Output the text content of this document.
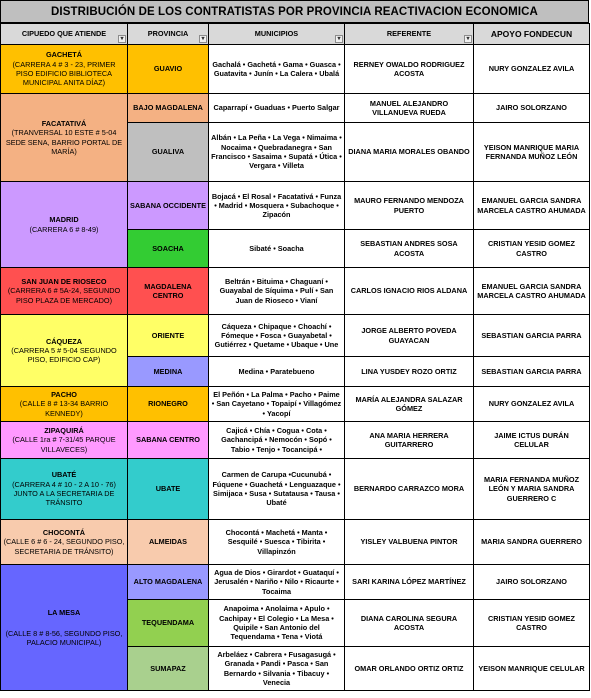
DISTRIBUCIÓN DE LOS CONTRATISTAS POR PROVINCIA REACTIVACION ECONOMICA
CIPUEDO QUE ATIENDE
▾	PROVINCIA
▾	MUNICIPIOS
▾	REFERENTE
▾	APOYO FONDECUN

GACHETÁ
(CARRERA 4 # 3 - 23, PRIMER PISO EDIFICIO BIBLIOTECA MUNICIPAL ANITA DÍAZ)	GUAVIO	Gachalá • Gachetá • Gama • Guasca • Guatavita • Junín • La Calera • Ubalá	RERNEY OWALDO RODRIGUEZ ACOSTA	NURY GONZALEZ AVILA

FACATATIVÁ
(TRANVERSAL 10 ESTE # 5-04 SEDE SENA, BARRIO PORTAL DE MARÍA)	BAJO MAGDALENA	Caparrapí • Guaduas • Puerto Salgar	MANUEL ALEJANDRO VILLANUEVA RUEDA	JAIRO SOLORZANO
	GUALIVA	Albán • La Peña • La Vega • Nimaima • Nocaima • Quebradanegra • San Francisco • Sasaima • Supatá • Útica • Vergara • Villeta	DIANA MARIA MORALES OBANDO	YEISON MANRIQUE MARIA FERNANDA MUÑOZ LEÓN

MADRID
(CARRERA 6 # 8-49)	SABANA OCCIDENTE	Bojacá • El Rosal • Facatativá • Funza • Madrid • Mosquera • Subachoque • Zipacón	MAURO FERNANDO MENDOZA PUERTO	EMANUEL GARCIA SANDRA MARCELA CASTRO AHUMADA
	SOACHA	Sibaté • Soacha	SEBASTIAN ANDRES SOSA ACOSTA	CRISTIAN YESID GOMEZ CASTRO

SAN JUAN DE RIOSECO
(CARRERA 6 # 5A-24, SEGUNDO PISO PLAZA DE MERCADO)	MAGDALENA CENTRO	Beltrán • Bituima • Chaguaní • Guayabal de Síquima • Pulí • San Juan de Rioseco • Vianí	CARLOS IGNACIO RIOS ALDANA	EMANUEL GARCIA SANDRA MARCELA CASTRO AHUMADA

CÁQUEZA
(CARRERA 5 # 5-04 SEGUNDO PISO, EDIFICIO CAP)	ORIENTE	Cáqueza • Chipaque • Choachí • Fómeque • Fosca • Guayabetal • Gutiérrez • Quetame • Ubaque • Une	JORGE ALBERTO POVEDA GUAYACAN	SEBASTIAN GARCIA PARRA
	MEDINA	Medina • Paratebueno	LINA YUSDEY ROZO ORTIZ	SEBASTIAN GARCIA PARRA

PACHO
(CALLE 8 # 13-34 BARRIO KENNEDY)	RIONEGRO	El Peñón • La Palma • Pacho • Paime • San Cayetano • Topaipí • Villagómez • Yacopí	MARÍA ALEJANDRA SALAZAR GÓMEZ	NURY GONZALEZ AVILA

ZIPAQUIRÁ
(CALLE 1ra # 7-31/45 PARQUE VILLAVECES)	SABANA CENTRO	Cajicá • Chía • Cogua • Cota • Gachancipá • Nemocón • Sopó • Tabio • Tenjo • Tocancipá •	ANA MARIA HERRERA GUITARRERO	JAIME ICTUS DURÁN CELULAR

UBATÉ
(CARRERA 4 # 10 - 2 A 10 - 76) JUNTO A LA SECRETARIA DE TRÁNSITO	UBATE	Carmen de Carupa •Cucunubá • Fúquene • Guachetá • Lenguazaque • Simijaca • Susa • Sutatausa • Tausa • Ubaté	BERNARDO CARRAZCO MORA	MARIA FERNANDA MUÑOZ LEÓN Y MARIA SANDRA GUERRERO C

CHOCONTÁ
(CALLE 6 # 6 - 24, SEGUNDO PISO, SECRETARIA DE TRÁNSITO)	ALMEIDAS	Chocontá • Machetá • Manta • Sesquilé • Suesca • Tibirita • Villapinzón	YISLEY VALBUENA PINTOR	MARIA SANDRA GUERRERO

LA MESA
(CALLE 8 # 8-56, SEGUNDO PISO, PALACIO MUNICIPAL)	ALTO MAGDALENA	Agua de Dios • Girardot • Guataquí • Jerusalén • Nariño • Nilo • Ricaurte • Tocaima	SARI KARINA LÓPEZ MARTÍNEZ	JAIRO SOLORZANO
	TEQUENDAMA	Anapoima • Anolaima • Apulo • Cachipay • El Colegio • La Mesa • Quipile • San Antonio del Tequendama • Tena • Viotá	DIANA CAROLINA SEGURA ACOSTA	CRISTIAN YESID GOMEZ CASTRO
	SUMAPAZ	Arbeláez • Cabrera • Fusagasugá • Granada • Pandi • Pasca • San Bernardo • Silvania • Tibacuy • Venecia	OMAR ORLANDO ORTIZ ORTIZ	YEISON MANRIQUE CELULAR
